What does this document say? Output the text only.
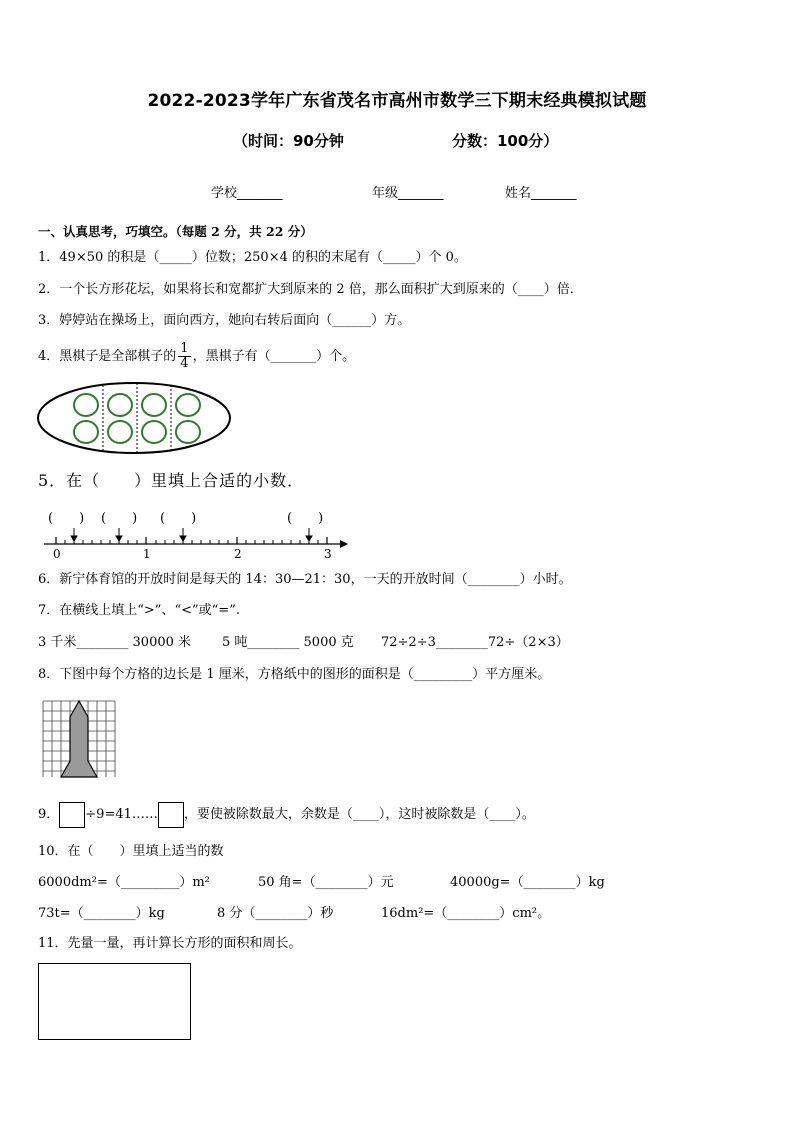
2022-2023学年广东省茂名市高州市数学三下期末经典模拟试题
（时间：90分钟	分数：100分）
学校_______	年级_______	姓名_______
一、认真思考，巧填空。（每题 2 分，共 22 分）
1．49×50 的积是（_____）位数；250×4 的积的末尾有（_____）个 0。
2．一个长方形花坛，如果将长和宽都扩大到原来的 2 倍，那么面积扩大到原来的（____）倍．
3．婷婷站在操场上，面向西方，她向右转后面向（______）方。
4．黑棋子是全部棋子的 $\frac{1}{4}$ ，黑棋子有（_______）个。
5．在（　　）里填上合适的小数．
(　　) (　　) (　　)	(　　)
0	1	2	3
6．新宁体育馆的开放时间是每天的 14：30—21：30，一天的开放时间（________）小时。
7．在横线上填上“>”、“<”或“=”.
3 千米________ 30000 米 5 吨________ 5000 克 72÷2÷3________72÷（2×3）
8．下图中每个方格的边长是 1 厘米，方格纸中的图形的面积是（_________）平方厘米。
9． ÷9=41…… ，要使被除数最大，余数是（____），这时被除数是（____）。
10．在（　　）里填上适当的数
6000dm²=（_________）m²	50 角=（________）元	40000g=（________）kg
73t=（________）kg	8 分（________）秒	16dm²=（________）cm²。
11．先量一量，再计算长方形的面积和周长。
